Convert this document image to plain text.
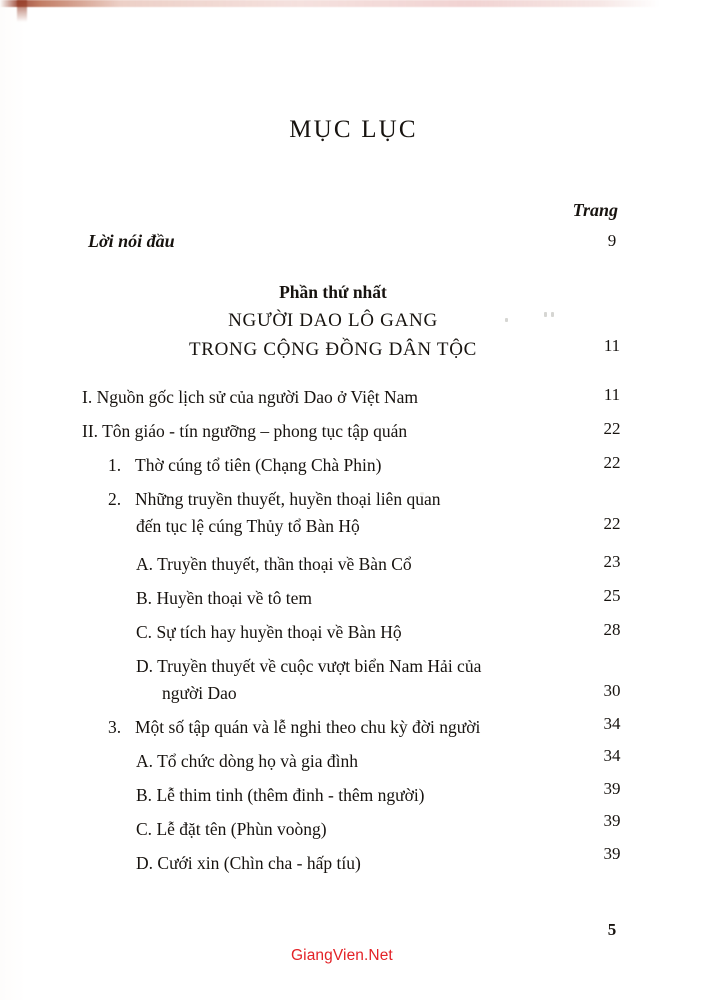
MỤC LỤC
Trang
Lời nói đầu	9
Phần thứ nhất
NGƯỜI DAO LÔ GANG
TRONG CỘNG ĐỒNG DÂN TỘC	11
I. Nguồn gốc lịch sử của người Dao ở Việt Nam	11
II. Tôn giáo - tín ngưỡng – phong tục tập quán	22
1. Thờ cúng tổ tiên (Chạng Chà Phin)	22
2. Những truyền thuyết, huyền thoại liên quan
đến tục lệ cúng Thủy tổ Bàn Hộ	22
A. Truyền thuyết, thần thoại về Bàn Cổ	23
B. Huyền thoại về tô tem	25
C. Sự tích hay huyền thoại về Bàn Hộ	28
D. Truyền thuyết về cuộc vượt biển Nam Hải của
người Dao	30
3. Một số tập quán và lễ nghi theo chu kỳ đời người	34
A. Tổ chức dòng họ và gia đình	34
B. Lễ thim tinh (thêm đinh - thêm người)	39
C. Lễ đặt tên (Phùn voòng)	39
D. Cưới xin (Chìn cha - hấp tíu)	39
5
GiangVien.Net
